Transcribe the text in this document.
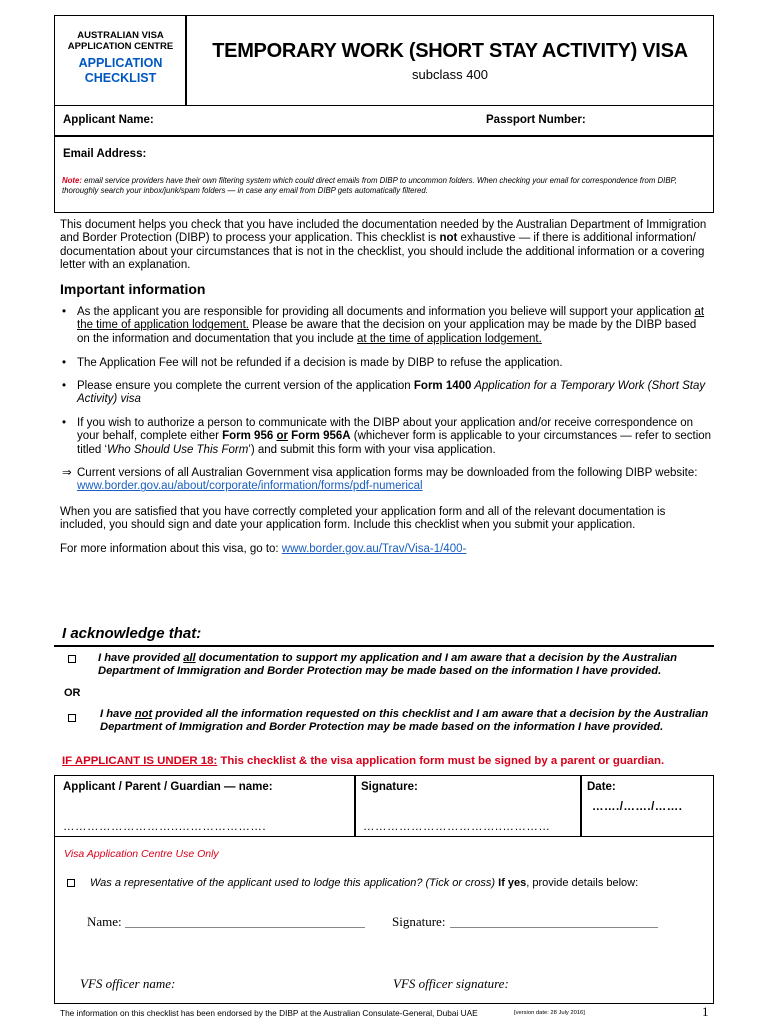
AUSTRALIAN VISA
APPLICATION CENTRE
APPLICATION
CHECKLIST
TEMPORARY WORK (SHORT STAY ACTIVITY) VISA
subclass 400
Applicant Name:	Passport Number:
Email Address:
Note: email service providers have their own filtering system which could direct emails from DIBP to uncommon folders. When checking your email for correspondence from DIBP, thoroughly search your inbox/junk/spam folders — in case any email from DIBP gets automatically filtered.
This document helps you check that you have included the documentation needed by the Australian Department of Immigration and Border Protection (DIBP) to process your application. This checklist is not exhaustive — if there is additional information/ documentation about your circumstances that is not in the checklist, you should include the additional information or a covering letter with an explanation.
Important information
• As the applicant you are responsible for providing all documents and information you believe will support your application at the time of application lodgement. Please be aware that the decision on your application may be made by the DIBP based on the information and documentation that you include at the time of application lodgement.
• The Application Fee will not be refunded if a decision is made by DIBP to refuse the application.
• Please ensure you complete the current version of the application Form 1400 Application for a Temporary Work (Short Stay Activity) visa
• If you wish to authorize a person to communicate with the DIBP about your application and/or receive correspondence on your behalf, complete either Form 956 or Form 956A (whichever form is applicable to your circumstances — refer to section titled ‘Who Should Use This Form’) and submit this form with your visa application.
⇒ Current versions of all Australian Government visa application forms may be downloaded from the following DIBP website:
www.border.gov.au/about/corporate/information/forms/pdf-numerical
When you are satisfied that you have correctly completed your application form and all of the relevant documentation is included, you should sign and date your application form. Include this checklist when you submit your application.
For more information about this visa, go to: www.border.gov.au/Trav/Visa-1/400-
I acknowledge that:
I have provided all documentation to support my application and I am aware that a decision by the Australian Department of Immigration and Border Protection may be made based on the information I have provided.
OR
I have not provided all the information requested on this checklist and I am aware that a decision by the Australian Department of Immigration and Border Protection may be made based on the information I have provided.
IF APPLICANT IS UNDER 18: This checklist & the visa application form must be signed by a parent or guardian.
Applicant / Parent / Guardian — name:	Signature:	Date:
……./……./…….
………………………..………………….	……………………………..…………
Visa Application Centre Use Only
Was a representative of the applicant used to lodge this application? (Tick or cross) If yes, provide details below:
Name:	Signature:
VFS officer name:	VFS officer signature:
The information on this checklist has been endorsed by the DIBP at the Australian Consulate-General, Dubai UAE	[version date: 28 July 2016]	1
